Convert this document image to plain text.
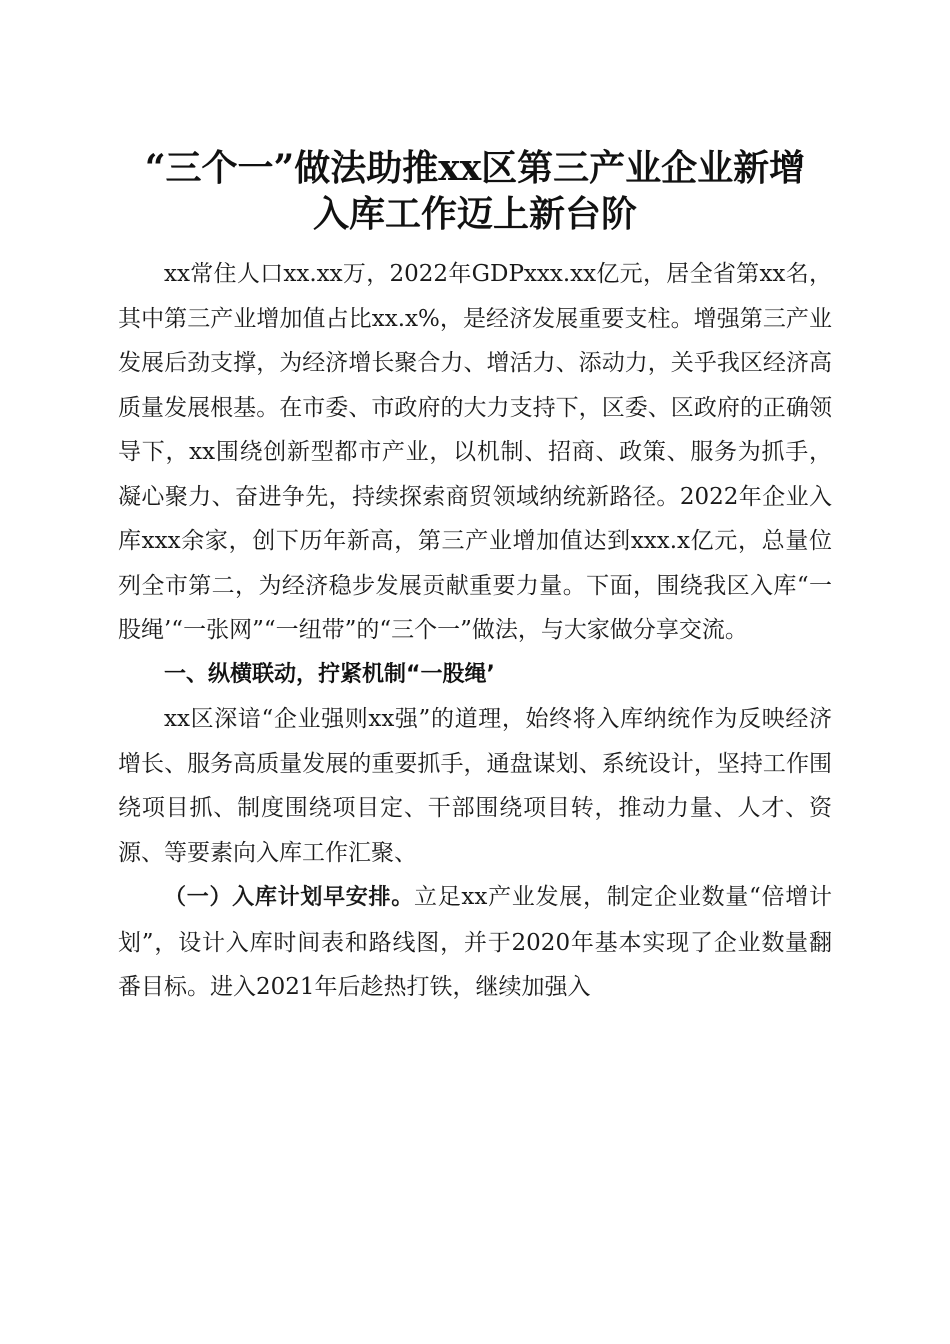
“三个一”做法助推xx区第三产业企业新增
入库工作迈上新台阶

xx常住人口xx.xx万，2022年GDPxxx.xx亿元，居全省第xx名，其中第三产业增加值占比xx.x%，是经济发展重要支柱。增强第三产业发展后劲支撑，为经济增长聚合力、增活力、添动力，关乎我区经济高质量发展根基。在市委、市政府的大力支持下，区委、区政府的正确领导下，xx围绕创新型都市产业，以机制、招商、政策、服务为抓手，凝心聚力、奋进争先，持续探索商贸领域纳统新路径。2022年企业入库xxx余家，创下历年新高，第三产业增加值达到xxx.x亿元，总量位列全市第二，为经济稳步发展贡献重要力量。下面，围绕我区入库“一股绳’“一张网”“一纽带”的“三个一”做法，与大家做分享交流。

一、纵横联动，拧紧机制“一股绳’

xx区深谙“企业强则xx强”的道理，始终将入库纳统作为反映经济增长、服务高质量发展的重要抓手，通盘谋划、系统设计，坚持工作围绕项目抓、制度围绕项目定、干部围绕项目转，推动力量、人才、资源、等要素向入库工作汇聚、

（一）入库计划早安排。立足xx产业发展，制定企业数量“倍增计划”，设计入库时间表和路线图，并于2020年基本实现了企业数量翻番目标。进入2021年后趁热打铁，继续加强入
